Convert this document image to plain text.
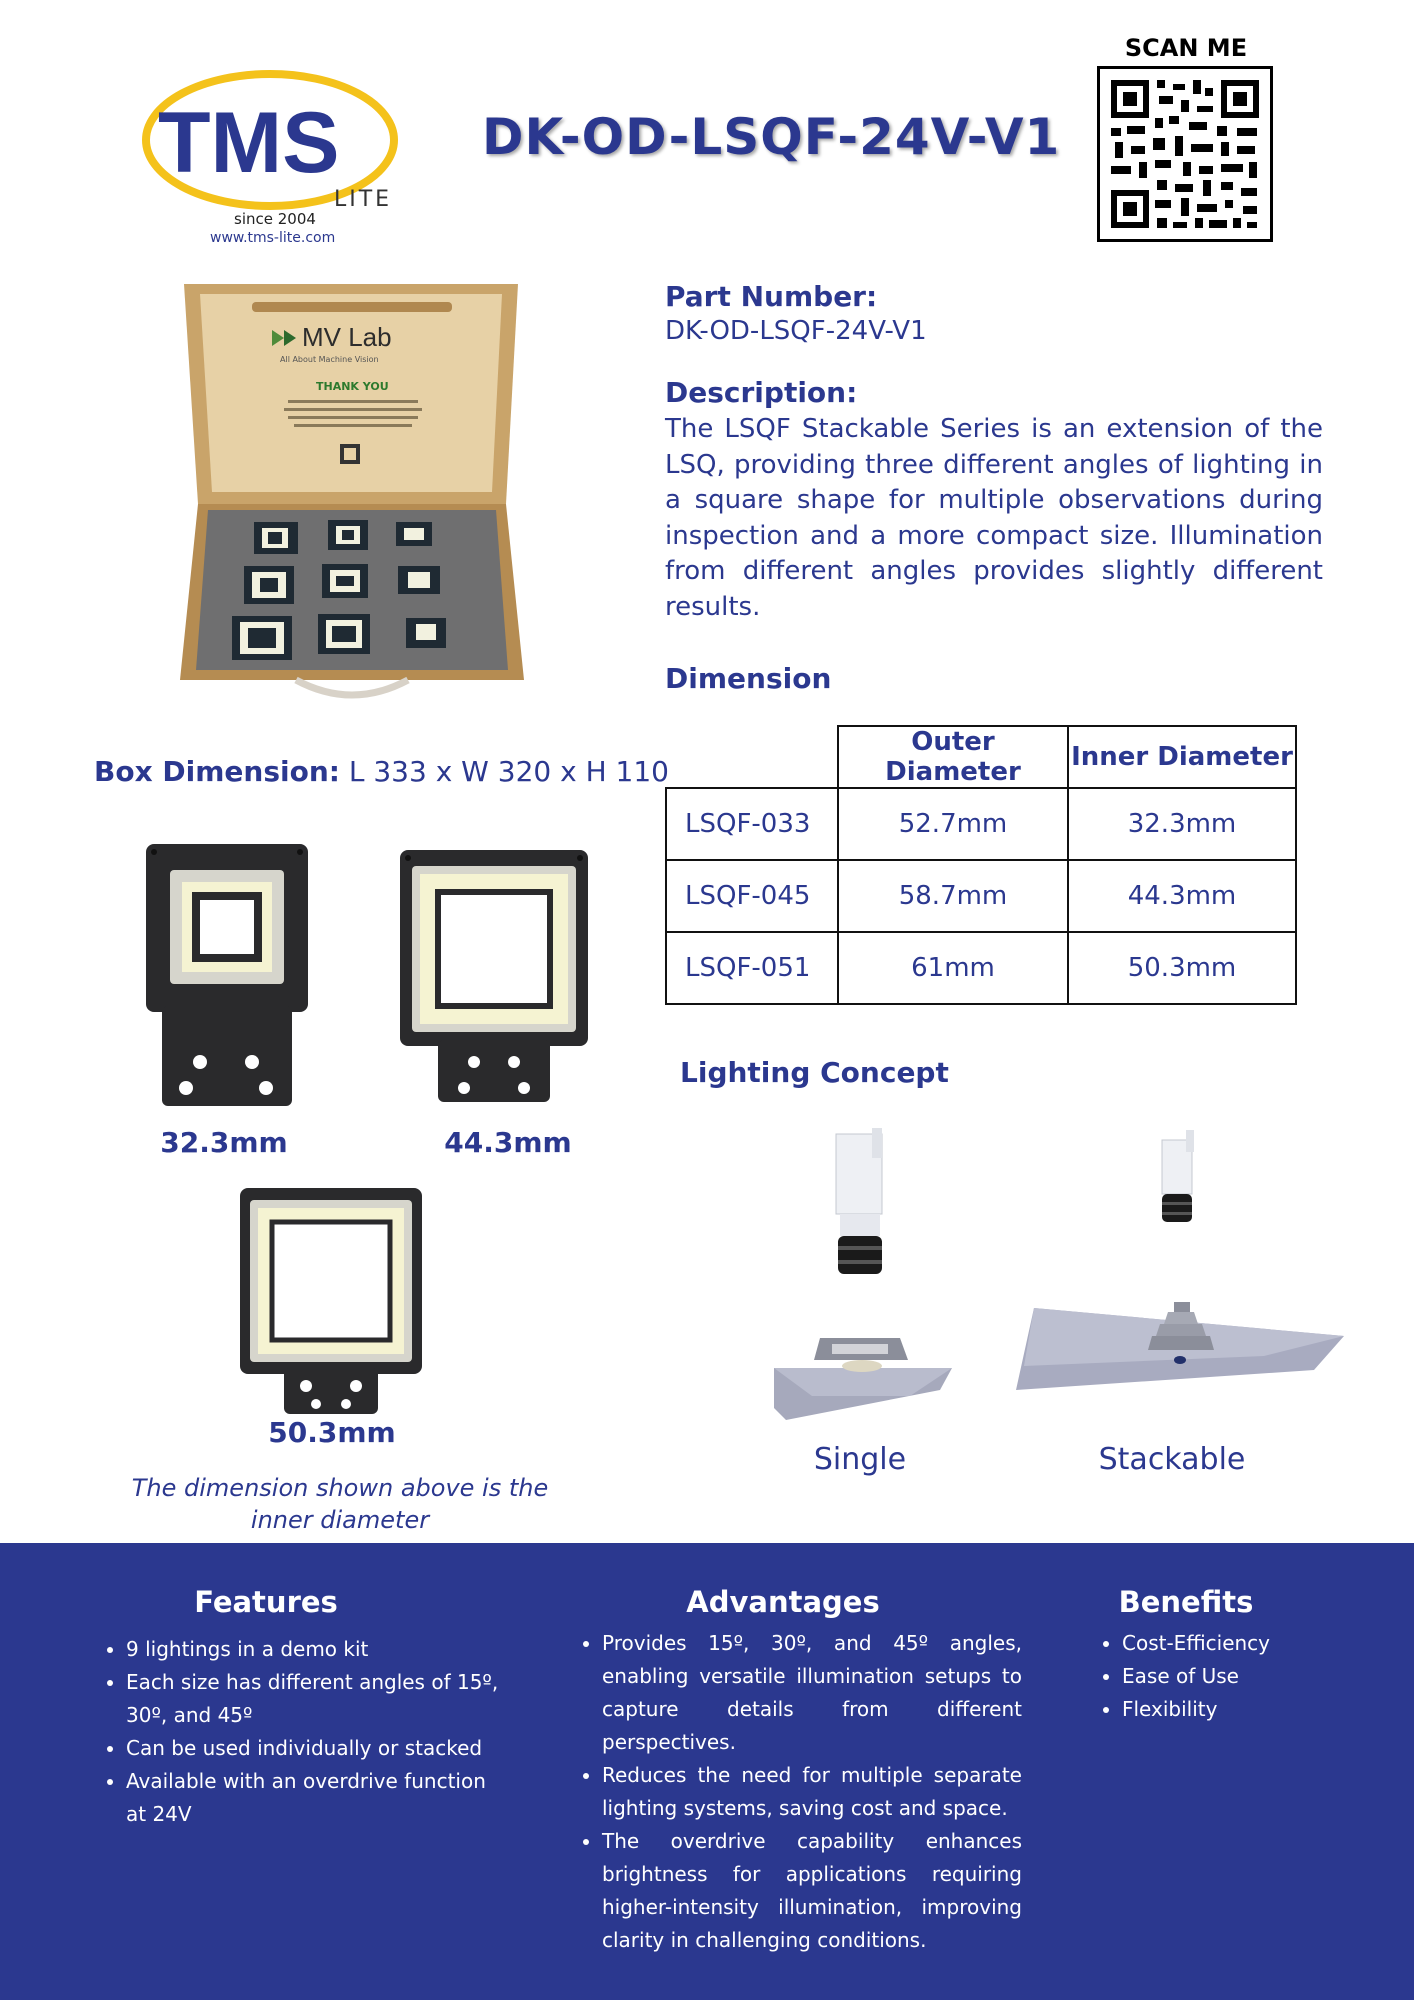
TMS
LITE
since 2004
www.tms-lite.com
DK-OD-LSQF-24V-V1
SCAN ME
MV Lab
All About Machine Vision
THANK YOU
Box Dimension: L 333 x W 320 x H 110
32.3mm	44.3mm
50.3mm
The dimension shown above is the inner diameter
Part Number:
DK-OD-LSQF-24V-V1
Description:
The LSQF Stackable Series is an extension of the LSQ, providing three different angles of lighting in a square shape for multiple observations during inspection and a more compact size. Illumination from different angles provides slightly different results.
Dimension
	Outer Diameter	Inner Diameter
LSQF-033	52.7mm	32.3mm
LSQF-045	58.7mm	44.3mm
LSQF-051	61mm	50.3mm
Lighting Concept
Single	Stackable
Features
• 9 lightings in a demo kit
• Each size has different angles of 15º, 30º, and 45º
• Can be used individually or stacked
• Available with an overdrive function at 24V
Advantages
• Provides 15º, 30º, and 45º angles, enabling versatile illumination setups to capture details from different perspectives.
• Reduces the need for multiple separate lighting systems, saving cost and space.
• The overdrive capability enhances brightness for applications requiring higher-intensity illumination, improving clarity in challenging conditions.
Benefits
• Cost-Efficiency
• Ease of Use
• Flexibility
